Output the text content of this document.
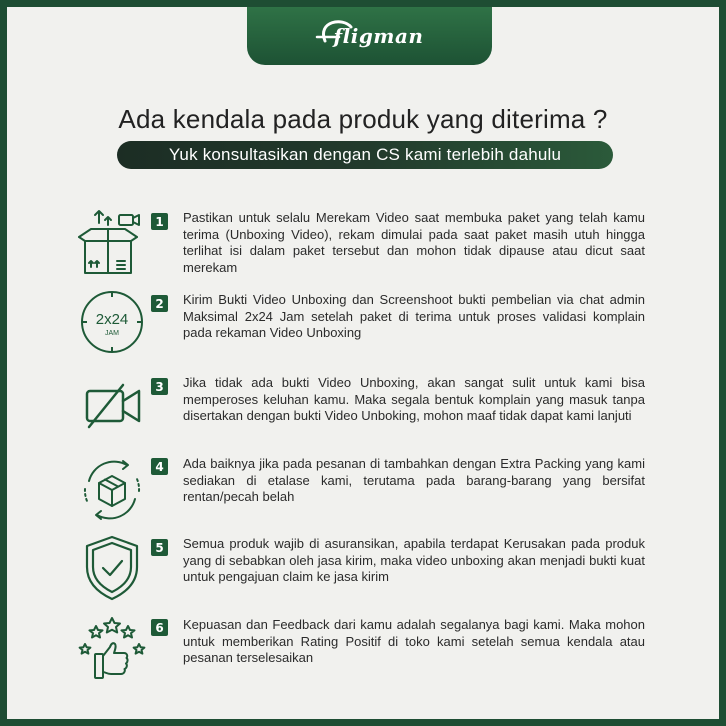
fligman
Ada kendala pada produk yang diterima ?
Yuk konsultasikan dengan CS kami terlebih dahulu
1	Pastikan untuk selalu Merekam Video saat membuka paket yang telah kamu terima (Unboxing Video), rekam dimulai pada saat paket masih utuh hingga terlihat isi dalam paket tersebut dan mohon tidak dipause atau dicut saat merekam
2x24
JAM
2	Kirim Bukti Video Unboxing dan Screenshoot bukti pembelian via chat admin Maksimal 2x24 Jam setelah paket di terima untuk proses validasi komplain pada rekaman Video Unboxing
3	Jika tidak ada bukti Video Unboxing, akan sangat sulit untuk kami bisa memperoses keluhan kamu. Maka segala bentuk komplain yang masuk tanpa disertakan dengan bukti Video Unboking, mohon maaf tidak dapat kami lanjuti
4	Ada baiknya jika pada pesanan di tambahkan dengan Extra Packing yang kami sediakan di etalase kami, terutama pada barang-barang yang bersifat rentan/pecah belah
5	Semua produk wajib di asuransikan, apabila terdapat Kerusakan pada produk yang di sebabkan oleh jasa kirim, maka video unboxing akan menjadi bukti kuat untuk pengajuan claim ke jasa kirim
6	Kepuasan dan Feedback dari kamu adalah segalanya bagi kami. Maka mohon untuk memberikan Rating Positif di toko kami setelah semua kendala atau pesanan terselesaikan
